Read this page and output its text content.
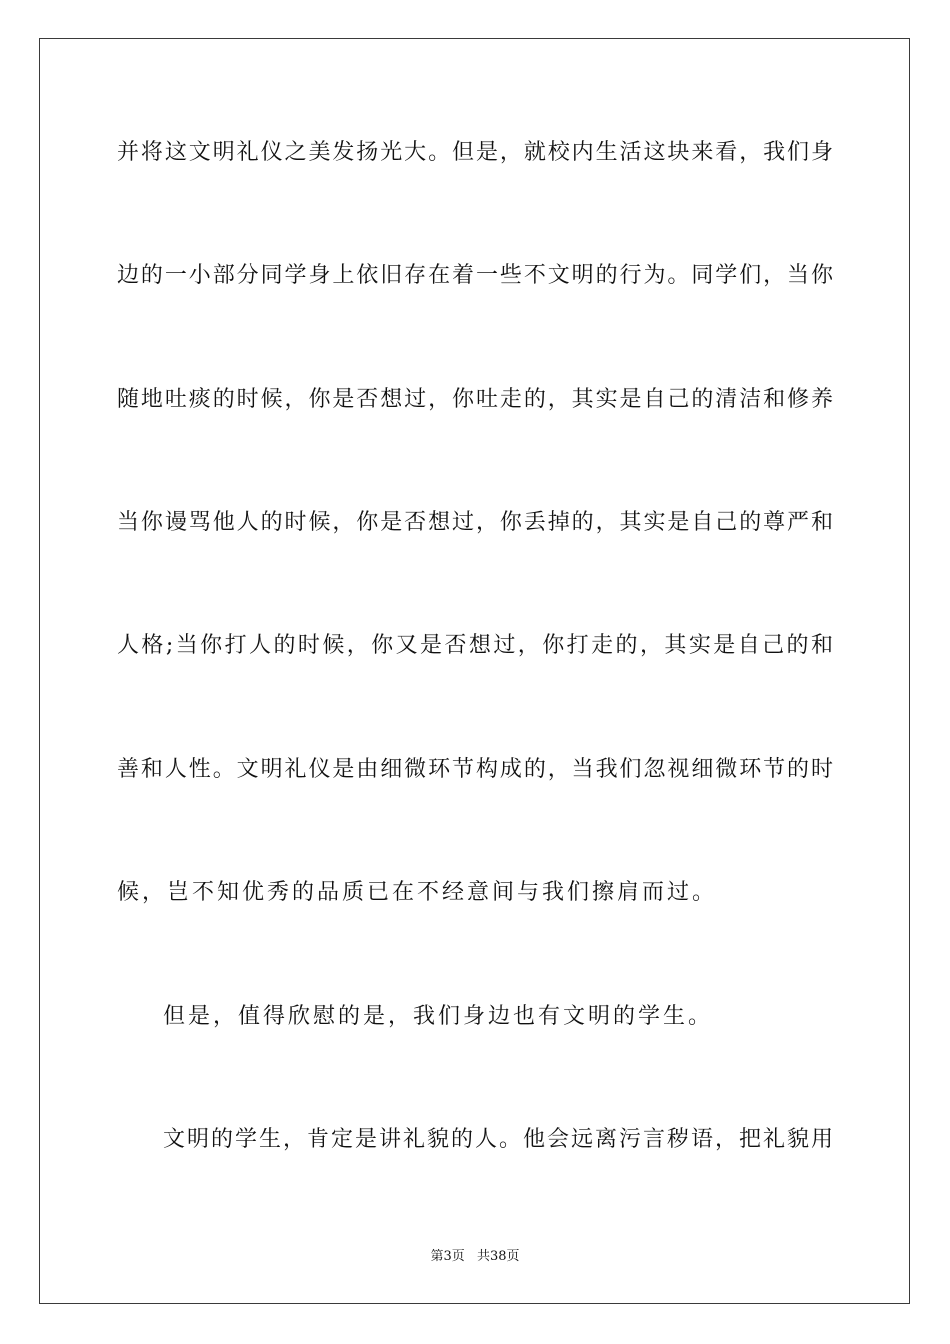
并将这文明礼仪之美发扬光大。但是，就校内生活这块来看，我们身
边的一小部分同学身上依旧存在着一些不文明的行为。同学们，当你
随地吐痰的时候，你是否想过，你吐走的，其实是自己的清洁和修养
当你谩骂他人的时候，你是否想过，你丢掉的，其实是自己的尊严和
人格;当你打人的时候，你又是否想过，你打走的，其实是自己的和
善和人性。文明礼仪是由细微环节构成的，当我们忽视细微环节的时
候，岂不知优秀的品质已在不经意间与我们擦肩而过。
但是，值得欣慰的是，我们身边也有文明的学生。
文明的学生，肯定是讲礼貌的人。他会远离污言秽语，把礼貌用
第3页 共38页
